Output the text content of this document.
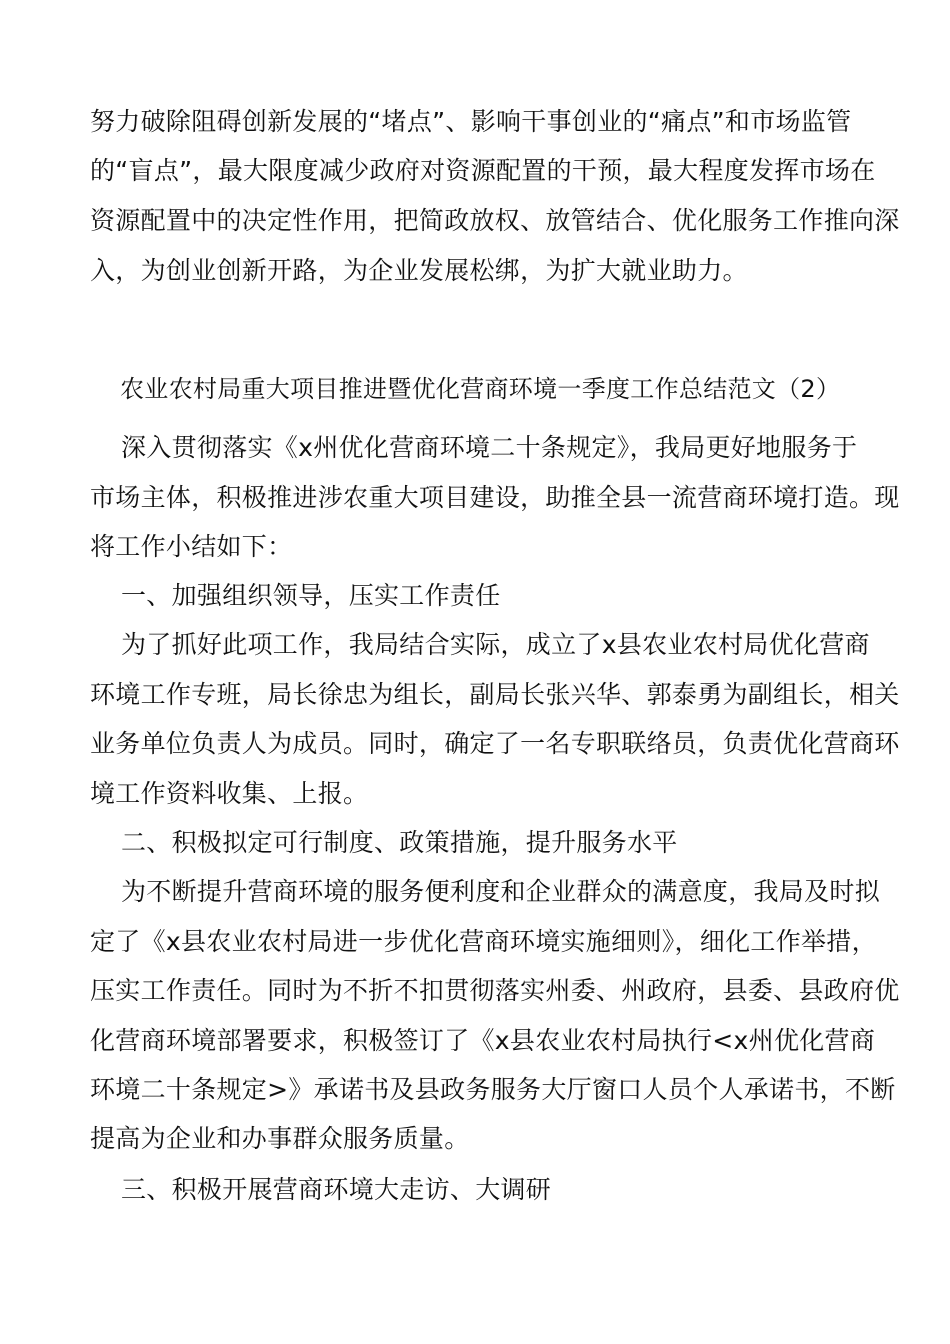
努力破除阻碍创新发展的“堵点”、影响干事创业的“痛点”和市场监管
的“盲点”，最大限度减少政府对资源配置的干预，最大程度发挥市场在
资源配置中的决定性作用，把简政放权、放管结合、优化服务工作推向深
入，为创业创新开路，为企业发展松绑，为扩大就业助力。
农业农村局重大项目推进暨优化营商环境一季度工作总结范文（2）
深入贯彻落实《x州优化营商环境二十条规定》，我局更好地服务于
市场主体，积极推进涉农重大项目建设，助推全县一流营商环境打造。现
将工作小结如下：
一、加强组织领导，压实工作责任
为了抓好此项工作，我局结合实际，成立了x县农业农村局优化营商
环境工作专班，局长徐忠为组长，副局长张兴华、郭泰勇为副组长，相关
业务单位负责人为成员。同时，确定了一名专职联络员，负责优化营商环
境工作资料收集、上报。
二、积极拟定可行制度、政策措施，提升服务水平
为不断提升营商环境的服务便利度和企业群众的满意度，我局及时拟
定了《x县农业农村局进一步优化营商环境实施细则》，细化工作举措，
压实工作责任。同时为不折不扣贯彻落实州委、州政府，县委、县政府优
化营商环境部署要求，积极签订了《x县农业农村局执行<x州优化营商
环境二十条规定>》承诺书及县政务服务大厅窗口人员个人承诺书，不断
提高为企业和办事群众服务质量。
三、积极开展营商环境大走访、大调研
